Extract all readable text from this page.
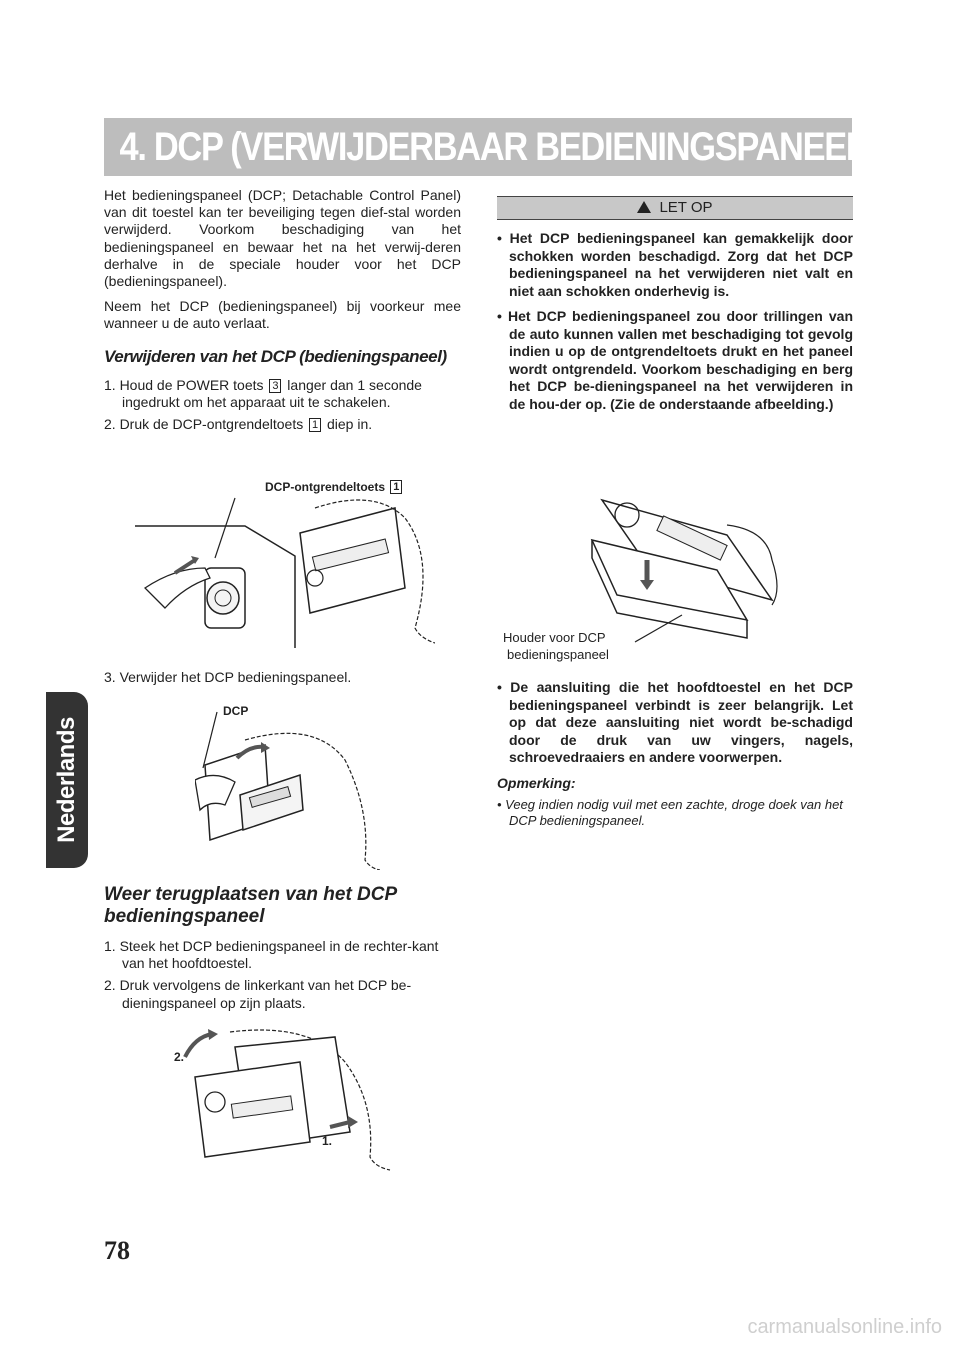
4. DCP (VERWIJDERBAAR BEDIENINGSPANEEL)
Nederlands

Het bedieningspaneel (DCP; Detachable Control Panel) van dit toestel kan ter beveiliging tegen dief-stal worden verwijderd. Voorkom beschadiging van het bedieningspaneel en bewaar het na het verwij-deren derhalve in de speciale houder voor het DCP (bedieningspaneel).

Neem het DCP (bedieningspaneel) bij voorkeur mee wanneer u de auto verlaat.

Verwijderen van het DCP (bedieningspaneel)
1. Houd de POWER toets 3 langer dan 1 seconde ingedrukt om het apparaat uit te schakelen.
2. Druk de DCP-ontgrendeltoets 1 diep in.
DCP-ontgrendeltoets 1
3. Verwijder het DCP bedieningspaneel.
DCP
Weer terugplaatsen van het DCP bedieningspaneel
1. Steek het DCP bedieningspaneel in de rechter-kant van het hoofdtoestel.
2. Druk vervolgens de linkerkant van het DCP be-dieningspaneel op zijn plaats.
2.
1.
LET OP
• Het DCP bedieningspaneel kan gemakkelijk door schokken worden beschadigd. Zorg dat het DCP bedieningspaneel na het verwijderen niet valt en niet aan schokken onderhevig is.
• Het DCP bedieningspaneel zou door trillingen van de auto kunnen vallen met beschadiging tot gevolg indien u op de ontgrendeltoets drukt en het paneel wordt ontgrendeld. Voorkom beschadiging en berg het DCP be-dieningspaneel na het verwijderen in de hou-der op. (Zie de onderstaande afbeelding.)
Houder voor DCP
bedieningspaneel
• De aansluiting die het hoofdtoestel en het DCP bedieningspaneel verbindt is zeer belangrijk. Let op dat deze aansluiting niet wordt be-schadigd door de druk van uw vingers, nagels, schroevedraaiers en andere voorwerpen.
Opmerking:
• Veeg indien nodig vuil met een zachte, droge doek van het DCP bedieningspaneel.
78
carmanualsonline.info
